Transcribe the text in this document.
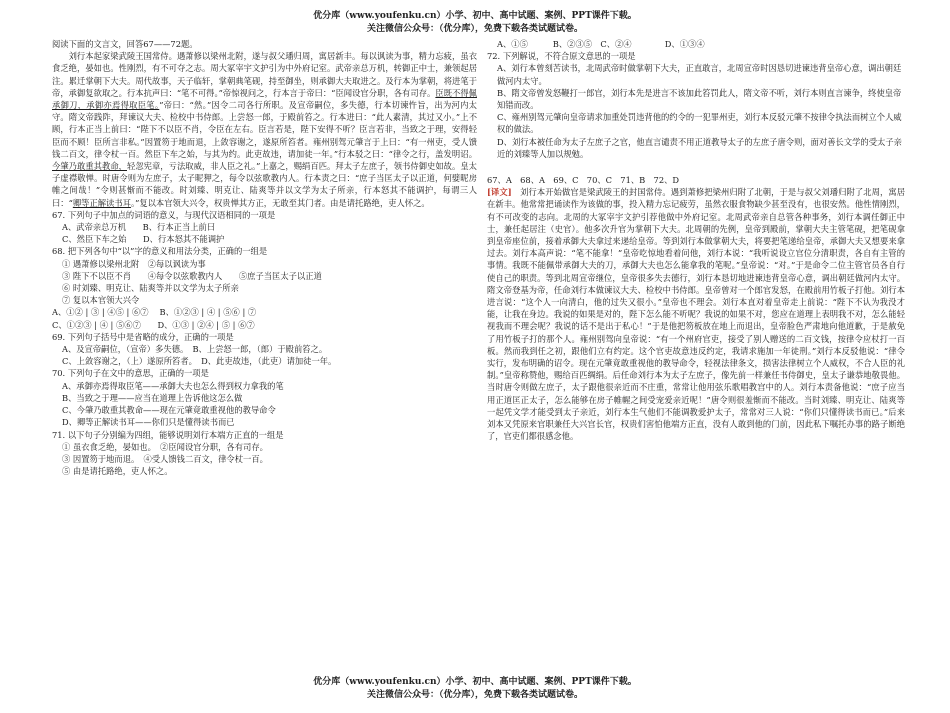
优分库（www.youfenku.cn）小学、初中、高中试题、案例、PPT课件下载。
关注微信公众号：（优分库），免费下载各类试题试卷。

阅读下面的文言文，回答67——72题。

刘行本起家梁武陵王国常侍。遇萧修以梁州北附，遂与叔父璠归周，寓居新丰。每以讽读为事，精力忘疲，虽衣食乏绝，晏如也。性刚烈，有不可夺之志。周大冢宰宇文护引为中外府记室。武帝亲总万机，转御正中士，兼领起居注。累迁掌朝下大夫。周代故事，天子临轩，掌朝典笔砚，持至御坐，则承御大夫取进之。及行本为掌朝，将进笔于帝，承御复欲取之。行本抗声曰：“笔不可得。”帝惊视问之，行本言于帝曰：“臣闻设官分职，各有司存。臣既不得佩承御刀，承御亦焉得取臣笔。”帝曰：“然。”因令二司各行所职。及宣帝嗣位，多失德，行本切谏忤旨，出为河内太守。隋文帝践阼，拜谏议大夫、检校中书侍郎。上尝怒一郎，于殿前笞之。行本进曰：“此人素清，其过又小。”上不顾，行本正当上前曰：“陛下不以臣不肖，令臣在左右。臣言若是，陛下安得不听？臣言若非，当致之于理，安得轻臣而不顾！臣所言非私。”因置笏于地而退，上敛容谢之，遂原所笞者。雍州别驾元肇言于上曰：“有一州吏，受人馈钱二百文，律令杖一百。然臣下车之始，与其为约。此吏故违，请加徒一年。”行本驳之曰：“律令之行，盖发明诏。今肇乃敢重其教命，轻忽宪章，亏法取威，非人臣之礼。”上嘉之，赐绢百匹。拜太子左庶子，领书侍御史如故。皇太子虚襟敬惮。时唐令则为左庶子，太子昵狎之，每令以弦歌教内人。行本责之曰：“庶子当匡太子以正道，何嬖昵房帷之间哉！”令则甚惭而不能改。时刘臻、明克让、陆爽等并以文学为太子所亲，行本怒其不能调护，每谓三人曰：“卿等正解读书耳。”复以本官领大兴令，权贵惮其方正，无敢至其门者。由是请托路绝，吏人怀之。

67. 下列句子中加点的词语的意义，与现代汉语相同的一项是

A、武帝亲总万机　　B、行本正当上前曰

C、然臣下车之始　　D、行本怒其不能调护

68. 把下列各句中“以”字的意义和用法分类，正确的一组是

① 遇萧修以梁州北附　②每以讽读为事

③ 陛下不以臣不肖　　④每令以弦歌教内人　　⑤庶子当匡太子以正道

⑥ 时刘臻、明克让、陆爽等并以文学为太子所亲

⑦ 复以本官领大兴令

A、①② | ③ | ④⑤ | ⑥⑦　 B、①②③ | ④ | ⑤⑥ | ⑦

C、①②③ | ④ | ⑤⑥⑦　　D、①③ | ②④ | ⑤ | ⑥⑦

69. 下列句子括号中是省略的成分，正确的一项是

A、及宣帝嗣位，（宣帝）多失德。　B、上尝怒一郎，（郎）于殿前笞之。

C、上敛容谢之，（上）遂原所笞者。　D、此吏故违，（此吏）请加徒一年。

70. 下列句子在文中的意思，正确的一项是

A、承御亦焉得取臣笔——承御大夫也怎么得到权力拿我的笔

B、当致之于理——应当在道理上告诉他这怎么做

C、今肇乃敢重其教命——现在元肇竟敢重视他的教导命令

D、卿等正解读书耳——你们只是懂得读书而已

71. 以下句子分别编为四组，能够说明刘行本端方正直的一组是

① 虽衣食乏绝，晏如也。　②臣闻设官分职，各有司存。

③ 因置笏于地而退。　④受人馈钱二百文，律令杖一百。

⑤ 由是请托路绝，吏人怀之。

A、①⑤　　　B、②③⑤　C、②④　　　　D、①③④

72. 下列解说，不符合原文意思的一项是

A、刘行本曾刻苦读书，北周武帝时做掌朝下大夫，正直敢言，北周宣帝时因恳切进谏违背皇帝心意，调出朝廷做河内太守。

B、隋文帝曾发怒鞭打一郎官，刘行本先是进言不该加此笞罚此人，隋文帝不听，刘行本则直言谏争，终使皇帝知错而改。

C、雍州别驾元肇向皇帝请求加重处罚违背他的约令的一犯罪州吏，刘行本反驳元肇不按律令执法而树立个人威权的做法。

D、刘行本被任命为太子左庶子之官，他直言谴责不用正道教导太子的左庶子唐令则，面对善长文学的受太子亲近的刘臻等人加以规勉。

67、A　68、A　69、C　70、C　71、B　72、D

[译文]　 刘行本开始做官是梁武陵王的封国常侍。遇到萧修把梁州归附了北朝，于是与叔父刘璠归附了北周，寓居在新丰。他常常把诵读作为该做的事，投入精力忘记疲劳，虽然衣服食物缺少甚至没有，也很安然。他性情刚烈，有不可改变的志向。北周的大冢宰宇文护引荐他做中外府记室。北周武帝亲自总管各种事务，刘行本调任御正中士，兼任起居注（史官）。他多次升官为掌朝下大夫。北周朝的先例，皇帝到殿前，掌朝大夫主管笔砚，把笔砚拿到皇帝座位前，接着承御大夫拿过来递给皇帝。等到刘行本做掌朝大夫，将要把笔递给皇帝，承御大夫又想要来拿过去。刘行本高声说：“笔不能拿！”皇帝吃惊地看着问他，刘行本说：“我听说设立官位分清职责，各自有主管的事情。我既不能佩带承御大夫的刀，承御大夫也怎么能拿我的笔呢。”皇帝说：“对。”于是命令二位主管官员各自行使自己的职责。等到北周宣帝继位，皇帝很多失去德行，刘行本恳切地进谏违背皇帝心意，调出朝廷做河内太守。隋文帝登基为帝，任命刘行本做谏议大夫、检校中书侍郎。皇帝曾对一个郎官发怒，在殿前用竹板子打他。刘行本进言说：“这个人一向清白，他的过失又很小。”皇帝也不理会。刘行本直对着皇帝走上前说：“陛下不认为我没才能，让我在身边。我说的如果是对的，陛下怎么能不听呢？我说的如果不对，您应在道理上表明我不对，怎么能轻视我而不理会呢？我说的话不是出于私心！”于是他把笏板放在地上而退出，皇帝脸色严肃地向他道歉，于是赦免了用竹板子打的那个人。雍州别驾向皇帝说：“有一个州府官吏，接受了别人赠送的二百文钱，按律令应杖打一百板。然而我到任之初，跟他们立有约定。这个官吏故意违反约定，我请求施加一年徒刑。”刘行本反驳他说：“律令实行，发布明确的诏令。现在元肇竟敢重视他的教导命令，轻视法律条文，损害法律树立个人威权，不合人臣的礼制。”皇帝称赞他，赐给百匹绸绢。后任命刘行本为太子左庶子，像先前一样兼任书侍御史，皇太子谦恭地敬畏他。当时唐令则做左庶子，太子跟他很亲近而不庄重，常常让他用弦乐歌唱教宫中的人。刘行本责备他说：“庶子应当用正道匡正太子，怎么能够在房子帷幄之间受宠爱亲近呢！”唐令则很羞惭而不能改。当时刘臻、明克让、陆爽等一起凭文学才能受到太子亲近，刘行本生气他们不能调教爱护太子，常常对三人说：“你们只懂得读书而已。”后来刘本又凭原来官职兼任大兴宫长官，权贵们害怕他端方正直，没有人敢到他的门前，因此私下嘱托办事的路子断绝了，官吏们都很感念他。

优分库（www.youfenku.cn）小学、初中、高中试题、案例、PPT课件下载。
关注微信公众号：（优分库），免费下载各类试题试卷。
